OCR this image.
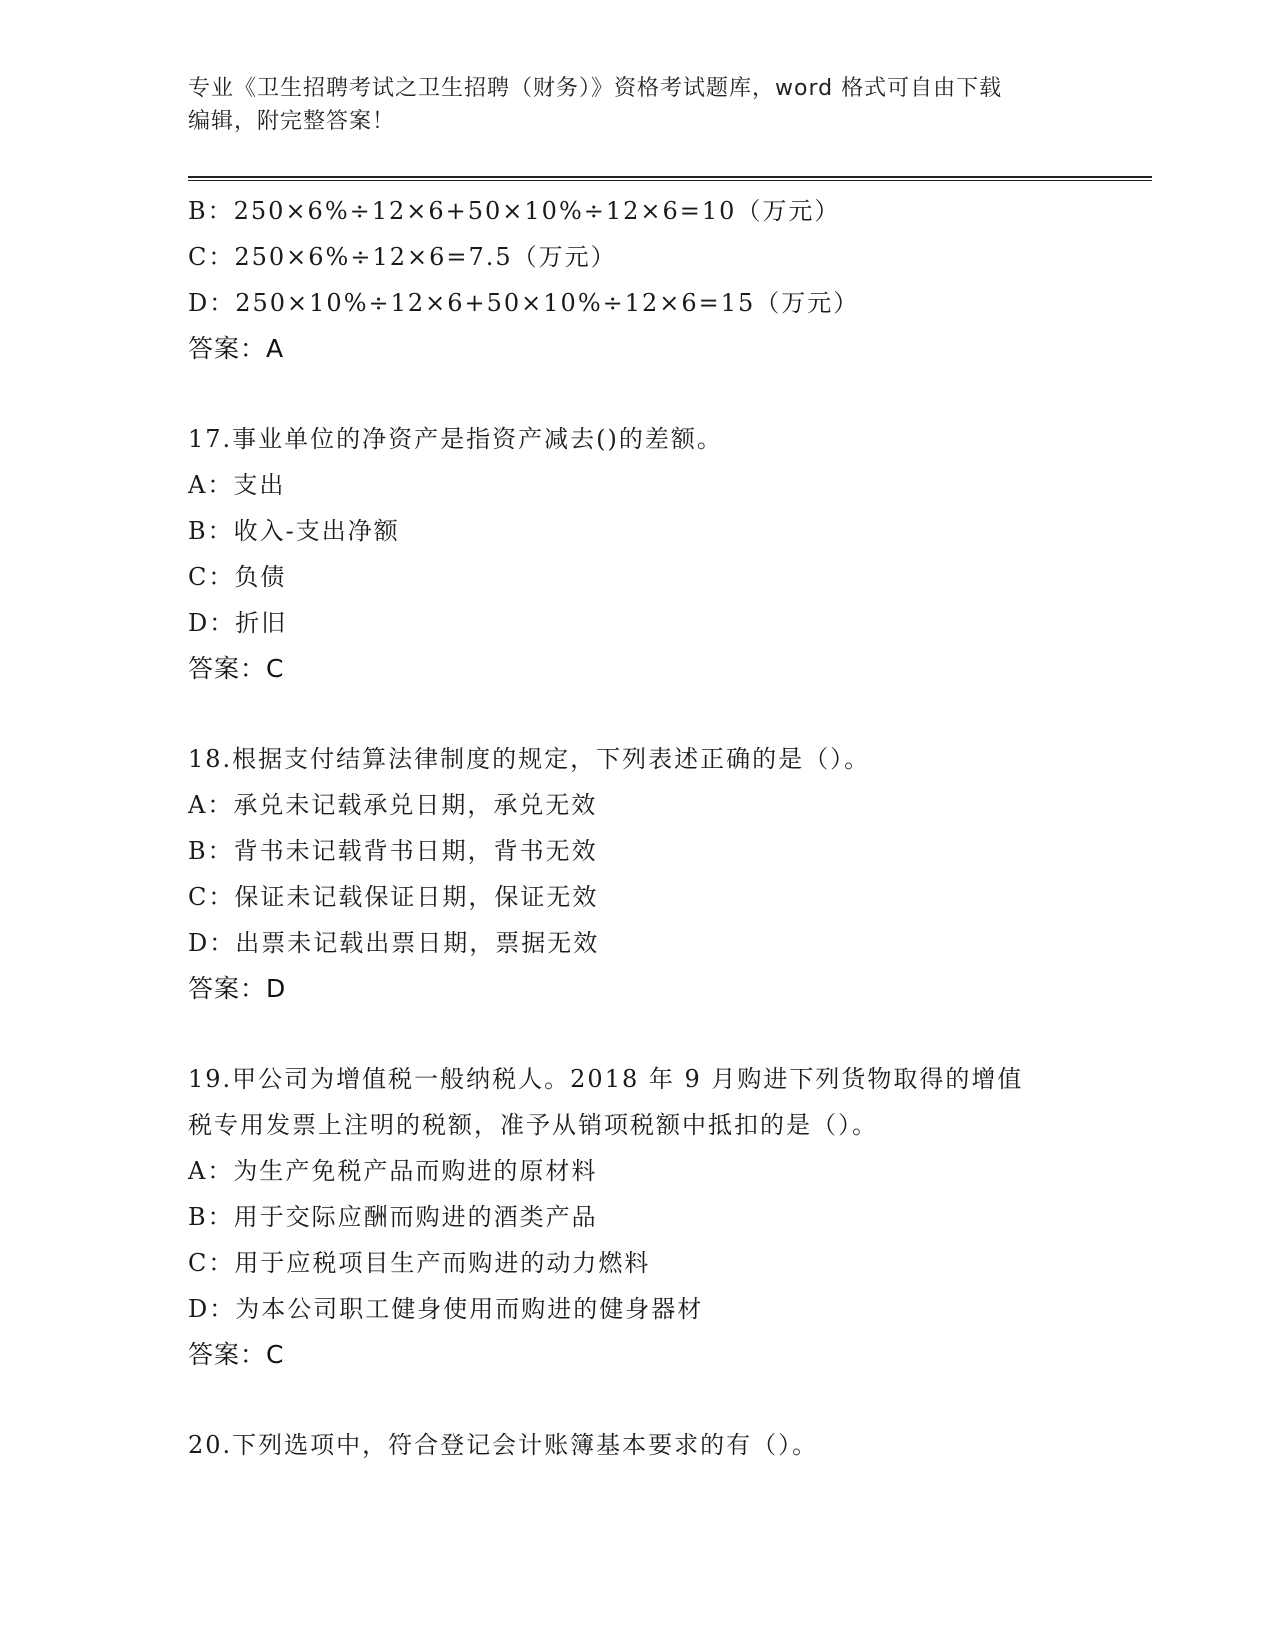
专业《卫生招聘考试之卫生招聘（财务）》资格考试题库，word 格式可自由下载
编辑，附完整答案！
B：250×6%÷12×6+50×10%÷12×6=10（万元）
C：250×6%÷12×6=7.5（万元）
D：250×10%÷12×6+50×10%÷12×6=15（万元）
答案：A
17.事业单位的净资产是指资产减去()的差额。
A：支出
B：收入-支出净额
C：负债
D：折旧
答案：C
18.根据支付结算法律制度的规定，下列表述正确的是（）。
A：承兑未记载承兑日期，承兑无效
B：背书未记载背书日期，背书无效
C：保证未记载保证日期，保证无效
D：出票未记载出票日期，票据无效
答案：D
19.甲公司为增值税一般纳税人。2018 年 9 月购进下列货物取得的增值
税专用发票上注明的税额，准予从销项税额中抵扣的是（）。
A：为生产免税产品而购进的原材料
B：用于交际应酬而购进的酒类产品
C：用于应税项目生产而购进的动力燃料
D：为本公司职工健身使用而购进的健身器材
答案：C
20.下列选项中，符合登记会计账簿基本要求的有（）。
